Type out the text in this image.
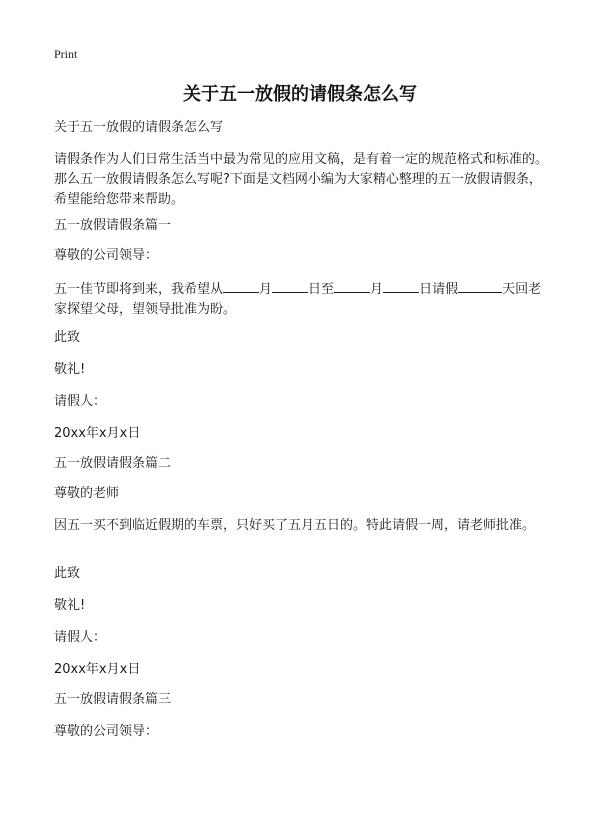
Print
关于五一放假的请假条怎么写

关于五一放假的请假条怎么写

请假条作为人们日常生活当中最为常见的应用文稿，是有着一定的规范格式和标准的。那么五一放假请假条怎么写呢?下面是文档网小编为大家精心整理的五一放假请假条，希望能给您带来帮助。

五一放假请假条篇一

尊敬的公司领导：

五一佳节即将到来，我希望从	月	日至	月	日请假	天回老家探望父母，望领导批准为盼。

此致

敬礼!

请假人：

20xx年x月x日

五一放假请假条篇二

尊敬的老师

因五一买不到临近假期的车票，只好买了五月五日的。特此请假一周，请老师批准。

此致

敬礼!

请假人：

20xx年x月x日

五一放假请假条篇三

尊敬的公司领导：
